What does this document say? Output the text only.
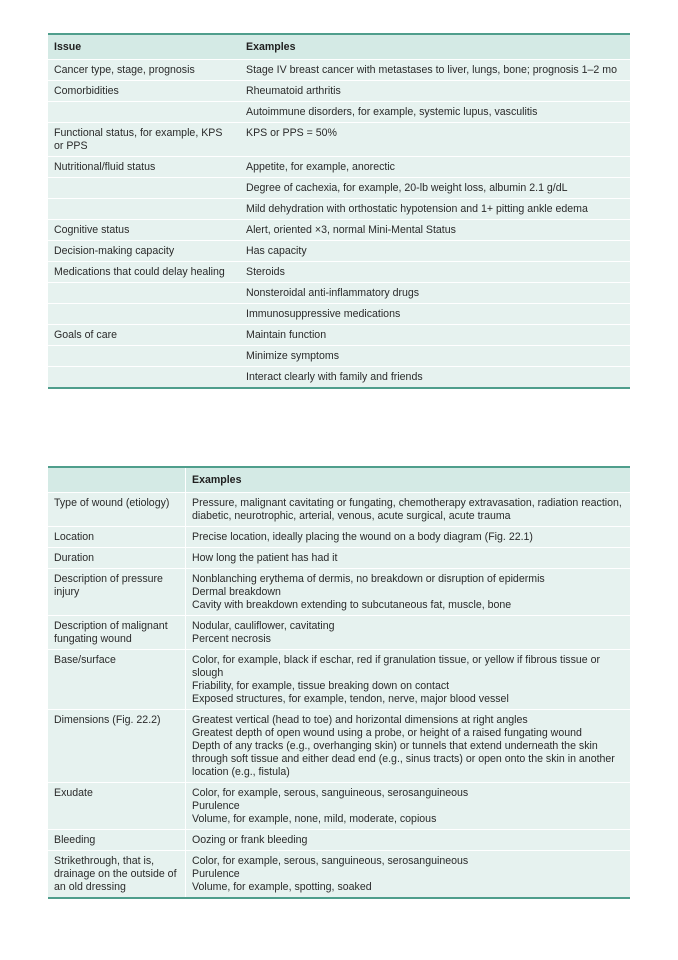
Issue	Examples
Cancer type, stage, prognosis	Stage IV breast cancer with metastases to liver, lungs, bone; prognosis 1–2 mo
Comorbidities	Rheumatoid arthritis
	Autoimmune disorders, for example, systemic lupus, vasculitis
Functional status, for example, KPS or PPS	KPS or PPS = 50%
Nutritional/fluid status	Appetite, for example, anorectic
	Degree of cachexia, for example, 20-lb weight loss, albumin 2.1 g/dL
	Mild dehydration with orthostatic hypotension and 1+ pitting ankle edema
Cognitive status	Alert, oriented ×3, normal Mini-Mental Status
Decision-making capacity	Has capacity
Medications that could delay healing	Steroids
	Nonsteroidal anti-inflammatory drugs
	Immunosuppressive medications
Goals of care	Maintain function
	Minimize symptoms
	Interact clearly with family and friends
	Examples
Type of wound (etiology)	Pressure, malignant cavitating or fungating, chemotherapy extravasation, radiation reaction, diabetic, neurotrophic, arterial, venous, acute surgical, acute trauma

Location	Precise location, ideally placing the wound on a body diagram (Fig. 22.1)

Duration	How long the patient has had it

Description of pressure injury	Nonblanching erythema of dermis, no breakdown or disruption of epidermis
Dermal breakdown
Cavity with breakdown extending to subcutaneous fat, muscle, bone

Description of malignant fungating wound	Nodular, cauliflower, cavitating
Percent necrosis

Base/surface	Color, for example, black if eschar, red if granulation tissue, or yellow if fibrous tissue or slough
Friability, for example, tissue breaking down on contact
Exposed structures, for example, tendon, nerve, major blood vessel

Dimensions (Fig. 22.2)	Greatest vertical (head to toe) and horizontal dimensions at right angles
Greatest depth of open wound using a probe, or height of a raised fungating wound
Depth of any tracks (e.g., overhanging skin) or tunnels that extend underneath the skin through soft tissue and either dead end (e.g., sinus tracts) or open onto the skin in another location (e.g., fistula)

Exudate	Color, for example, serous, sanguineous, serosanguineous
Purulence
Volume, for example, none, mild, moderate, copious

Bleeding	Oozing or frank bleeding

Strikethrough, that is, drainage on the outside of an old dressing	Color, for example, serous, sanguineous, serosanguineous
Purulence
Volume, for example, spotting, soaked
